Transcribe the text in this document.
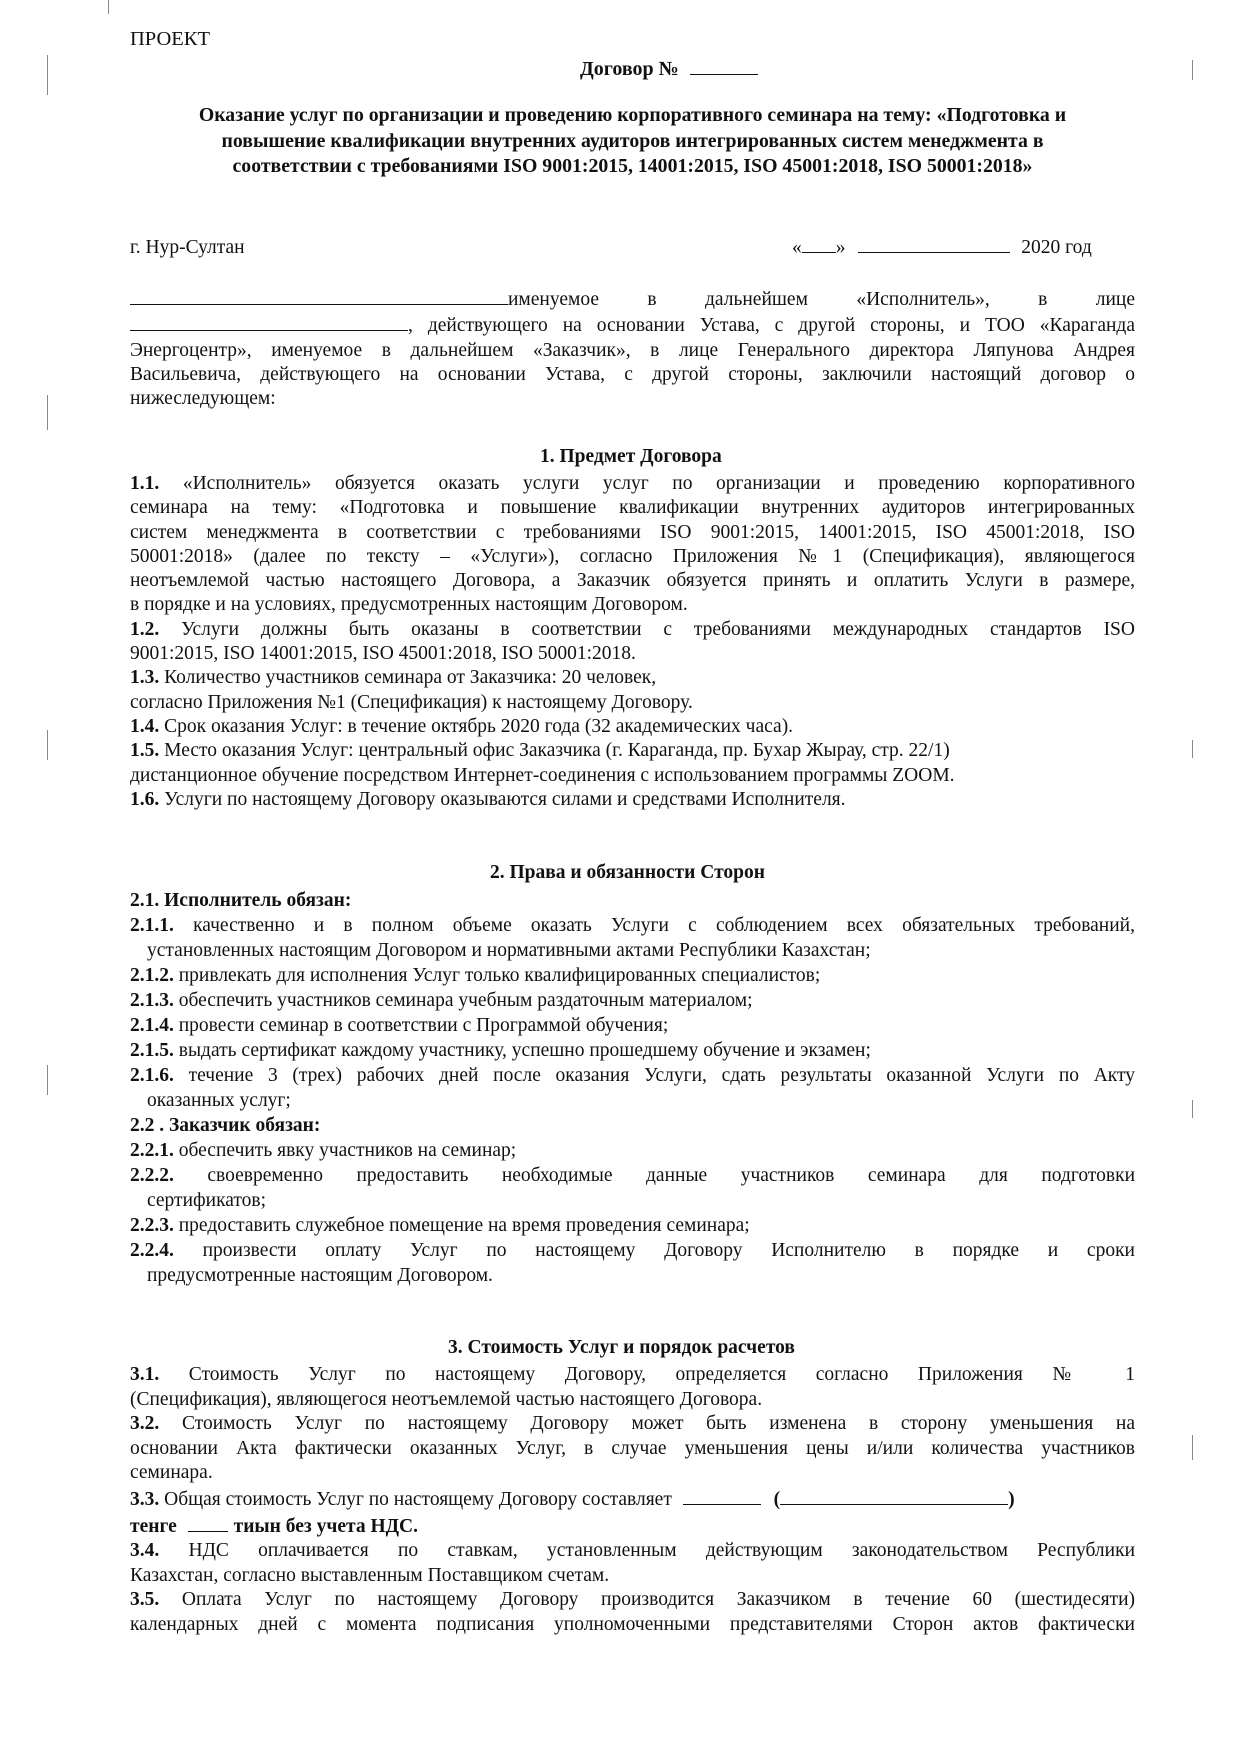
ПРОЕКТ
Договор №
Оказание услуг по организации и проведению корпоративного семинара на тему: «Подготовка и
повышение квалификации внутренних аудиторов интегрированных систем менеджмента в
соответствии с требованиями ISO 9001:2015, 14001:2015, ISO 45001:2018, ISO 50001:2018»
г. Нур-Султан	« »	2020 год
именуемое в дальнейшем «Исполнитель», в лице
, действующего на основании Устава, с другой стороны, и ТОО «Караганда
Энергоцентр», именуемое в дальнейшем «Заказчик», в лице Генерального директора Ляпунова Андрея
Васильевича, действующего на основании Устава, с другой стороны, заключили настоящий договор о
нижеследующем:
1. Предмет Договора
1.1. «Исполнитель» обязуется оказать услуги услуг по организации и проведению корпоративного
семинара на тему: «Подготовка и повышение квалификации внутренних аудиторов интегрированных
систем менеджмента в соответствии с требованиями ISO 9001:2015, 14001:2015, ISO 45001:2018, ISO
50001:2018» (далее по тексту – «Услуги»), согласно Приложения №1 (Спецификация), являющегося
неотъемлемой частью настоящего Договора, а Заказчик обязуется принять и оплатить Услуги в размере,
в порядке и на условиях, предусмотренных настоящим Договором.
1.2. Услуги должны быть оказаны в соответствии с требованиями международных стандартов ISO
9001:2015, ISO 14001:2015, ISO 45001:2018, ISO 50001:2018.
1.3. Количество участников семинара от Заказчика: 20 человек,
согласно Приложения №1 (Спецификация) к настоящему Договору.
1.4. Срок оказания Услуг: в течение октябрь 2020 года (32 академических часа).
1.5. Место оказания Услуг: центральный офис Заказчика (г. Караганда, пр. Бухар Жырау, стр. 22/1)
дистанционное обучение посредством Интернет-соединения с использованием программы ZOOM.
1.6. Услуги по настоящему Договору оказываются силами и средствами Исполнителя.
2. Права и обязанности Сторон
2.1. Исполнитель обязан:
2.1.1. качественно и в полном объеме оказать Услуги с соблюдением всех обязательных требований,
установленных настоящим Договором и нормативными актами Республики Казахстан;
2.1.2. привлекать для исполнения Услуг только квалифицированных специалистов;
2.1.3. обеспечить участников семинара учебным раздаточным материалом;
2.1.4. провести семинар в соответствии с Программой обучения;
2.1.5. выдать сертификат каждому участнику, успешно прошедшему обучение и экзамен;
2.1.6. течение 3 (трех) рабочих дней после оказания Услуги, сдать результаты оказанной Услуги по Акту
оказанных услуг;
2.2 . Заказчик обязан:
2.2.1. обеспечить явку участников на семинар;
2.2.2. своевременно предоставить необходимые данные участников семинара для подготовки
сертификатов;
2.2.3. предоставить служебное помещение на время проведения семинара;
2.2.4. произвести оплату Услуг по настоящему Договору Исполнителю в порядке и сроки
предусмотренные настоящим Договором.
3. Стоимость Услуг и порядок расчетов
3.1. Стоимость Услуг по настоящему Договору, определяется согласно Приложения № 1
(Спецификация), являющегося неотъемлемой частью настоящего Договора.
3.2. Стоимость Услуг по настоящему Договору может быть изменена в сторону уменьшения на
основании Акта фактически оказанных Услуг, в случае уменьшения цены и/или количества участников
семинара.
3.3. Общая стоимость Услуг по настоящему Договору составляет	(	)
тенге	тиын без учета НДС.
3.4. НДС оплачивается по ставкам, установленным действующим законодательством Республики
Казахстан, согласно выставленным Поставщиком счетам.
3.5. Оплата Услуг по настоящему Договору производится Заказчиком в течение 60 (шестидесяти)
календарных дней с момента подписания уполномоченными представителями Сторон актов фактически
